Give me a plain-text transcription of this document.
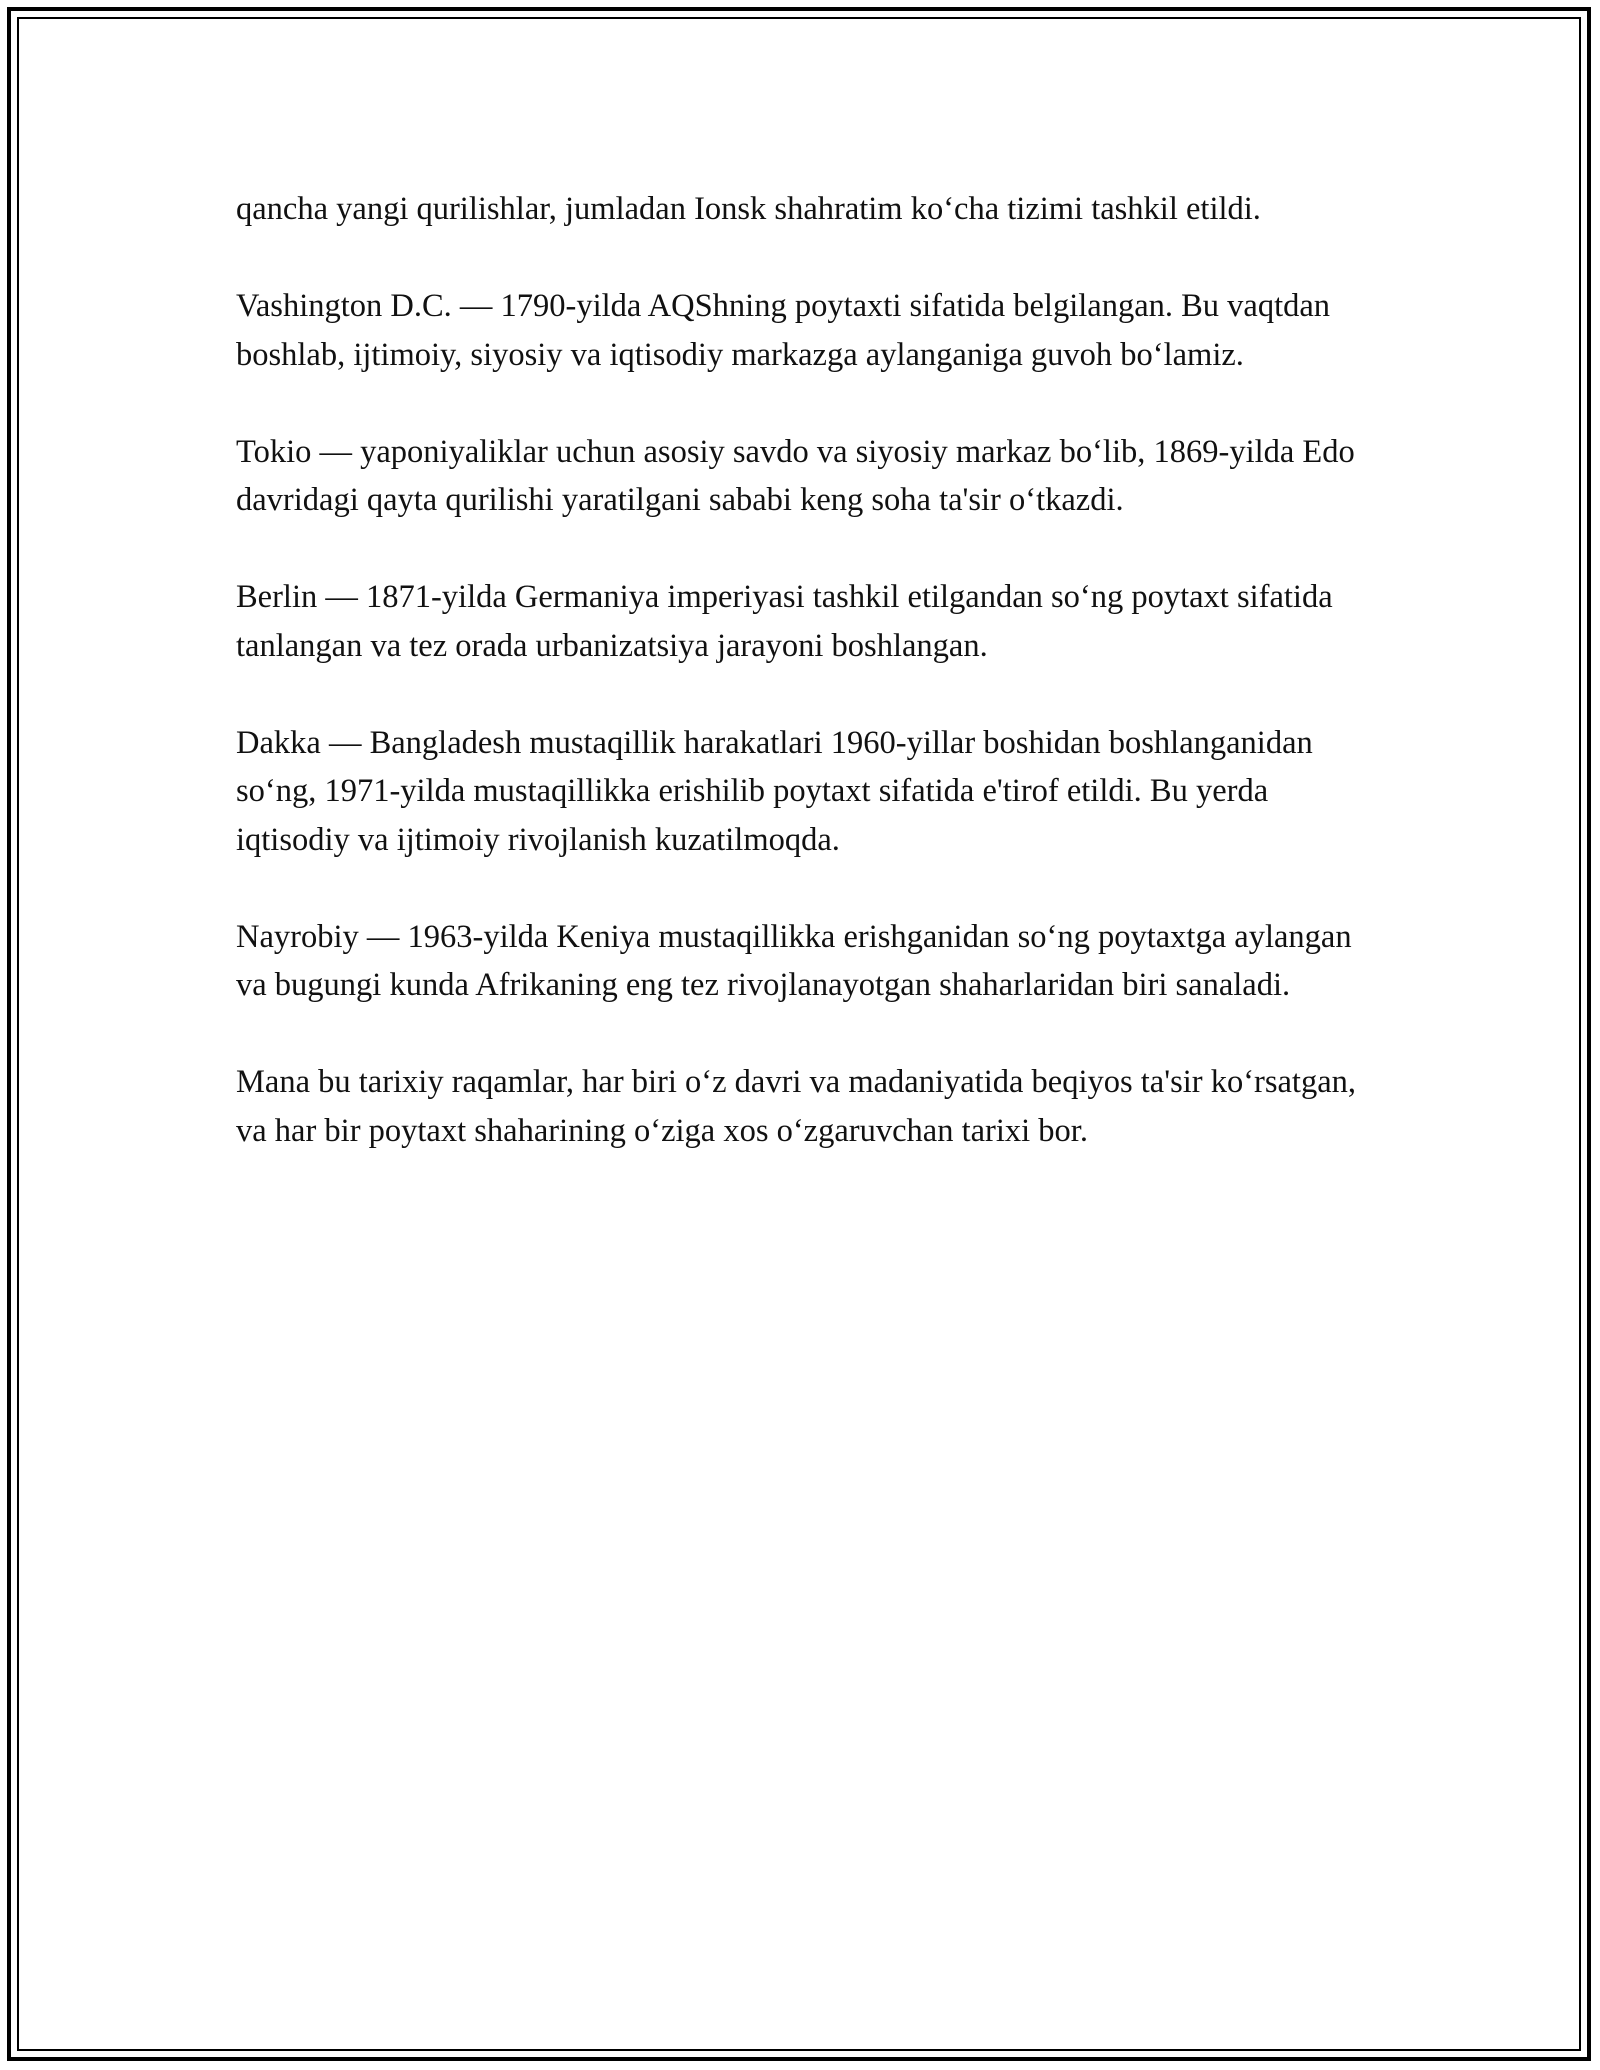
qancha yangi qurilishlar, jumladan Ionsk shahratim ko‘cha tizimi tashkil etildi.

Vashington D.C. — 1790-yilda AQShning poytaxti sifatida belgilangan. Bu vaqtdan boshlab, ijtimoiy, siyosiy va iqtisodiy markazga aylanganiga guvoh bo‘lamiz.

Tokio — yaponiyaliklar uchun asosiy savdo va siyosiy markaz bo‘lib, 1869-yilda Edo davridagi qayta qurilishi yaratilgani sababi keng soha ta'sir o‘tkazdi.

Berlin — 1871-yilda Germaniya imperiyasi tashkil etilgandan so‘ng poytaxt sifatida tanlangan va tez orada urbanizatsiya jarayoni boshlangan.

Dakka — Bangladesh mustaqillik harakatlari 1960-yillar boshidan boshlanganidan so‘ng, 1971-yilda mustaqillikka erishilib poytaxt sifatida e'tirof etildi. Bu yerda iqtisodiy va ijtimoiy rivojlanish kuzatilmoqda.

Nayrobiy — 1963-yilda Keniya mustaqillikka erishganidan so‘ng poytaxtga aylangan va bugungi kunda Afrikaning eng tez rivojlanayotgan shaharlaridan biri sanaladi.

Mana bu tarixiy raqamlar, har biri o‘z davri va madaniyatida beqiyos ta'sir ko‘rsatgan, va har bir poytaxt shaharining o‘ziga xos o‘zgaruvchan tarixi bor.
